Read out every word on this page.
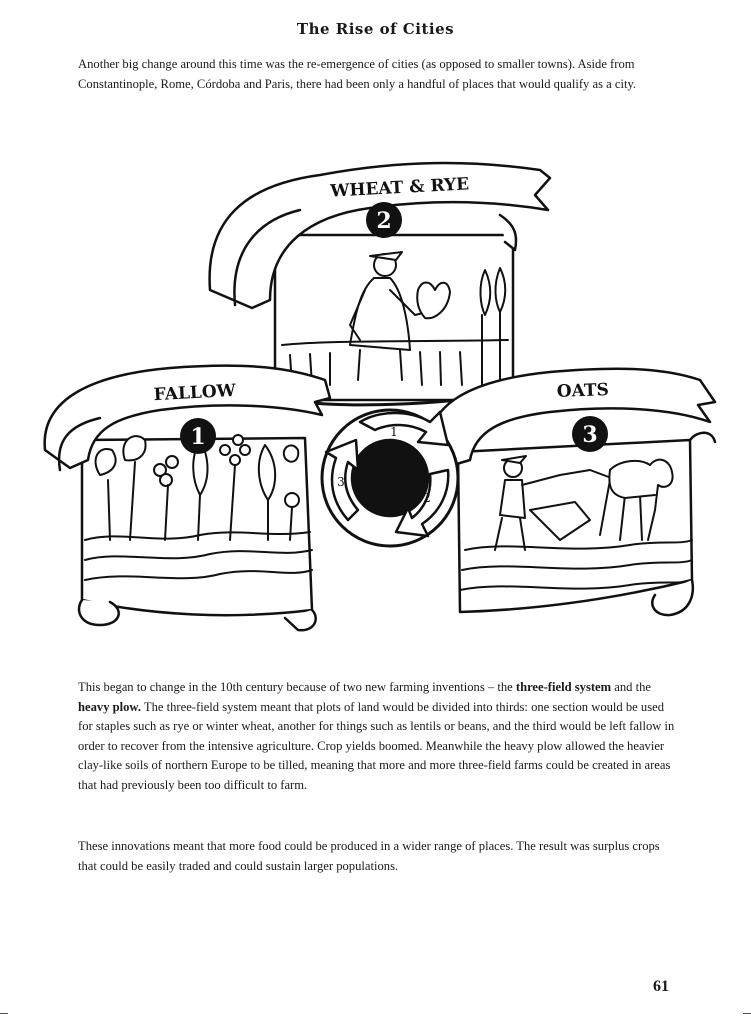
The Rise of Cities

Another big change around this time was the re-emergence of cities (as opposed to smaller towns). Aside from Constantinople, Rome, Córdoba and Paris, there had been only a handful of places that would qualify as a city.

WHEAT & RYE
FALLOW	OATS
2
1	3
1
2
3

This began to change in the 10th century because of two new farming inventions – the three-field system and the heavy plow. The three-field system meant that plots of land would be divided into thirds: one section would be used for staples such as rye or winter wheat, another for things such as lentils or beans, and the third would be left fallow in order to recover from the intensive agriculture. Crop yields boomed. Meanwhile the heavy plow allowed the heavier clay-like soils of northern Europe to be tilled, meaning that more and more three-field farms could be created in areas that had previously been too difficult to farm.

These innovations meant that more food could be produced in a wider range of places. The result was surplus crops that could be easily traded and could sustain larger populations.

61
